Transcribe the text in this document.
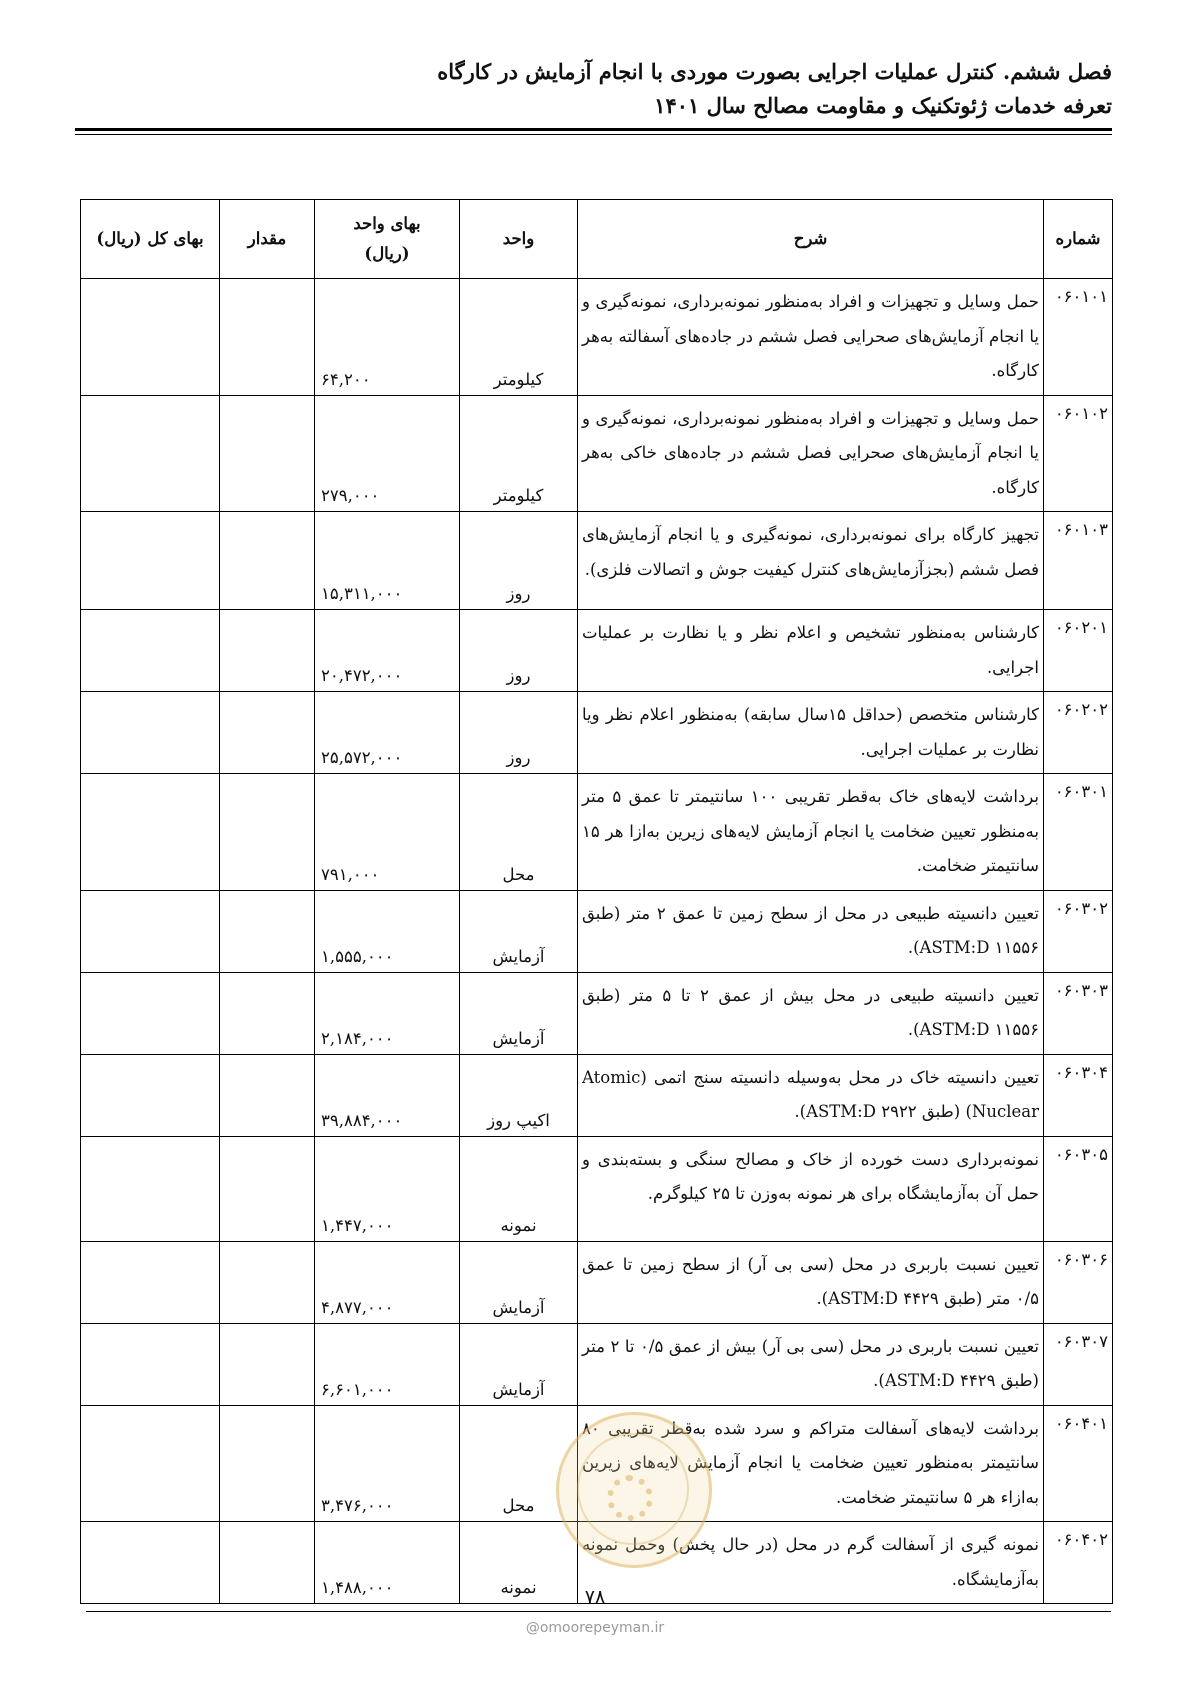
فصل ششم. کنترل عملیات اجرایی بصورت موردی با انجام آزمایش در کارگاه
تعرفه خدمات ژئوتکنیک و مقاومت مصالح سال ۱۴۰۱
شماره	شرح	واحد	بهای واحد (ریال)	مقدار	بهای کل (ریال)
۰۶۰۱۰۱	حمل وسایل و تجهیزات و افراد به‌منظور نمونه‌برداری، نمونه‌گیری و یا انجام آزمایش‌های صحرایی فصل ششم در جاده‌های آسفالته به‌هر کارگاه.	کیلومتر	۶۴,۲۰۰		
۰۶۰۱۰۲	حمل وسایل و تجهیزات و افراد به‌منظور نمونه‌برداری، نمونه‌گیری و یا انجام آزمایش‌های صحرایی فصل ششم در جاده‌های خاکی به‌هر کارگاه.	کیلومتر	۲۷۹,۰۰۰		
۰۶۰۱۰۳	تجهیز کارگاه برای نمونه‌برداری، نمونه‌گیری و یا انجام آزمایش‌های فصل ششم (بجزآزمایش‌های کنترل کیفیت جوش و اتصالات فلزی).	روز	۱۵,۳۱۱,۰۰۰		
۰۶۰۲۰۱	کارشناس به‌منظور تشخیص و اعلام نظر و یا نظارت بر عملیات اجرایی.	روز	۲۰,۴۷۲,۰۰۰		
۰۶۰۲۰۲	کارشناس متخصص (حداقل ۱۵سال سابقه) به‌منظور اعلام نظر ویا نظارت بر عملیات اجرایی.	روز	۲۵,۵۷۲,۰۰۰		
۰۶۰۳۰۱	برداشت لایه‌های خاک به‌قطر تقریبی ۱۰۰ سانتیمتر تا عمق ۵ متر به‌منظور تعیین ضخامت یا انجام آزمایش لایه‌های زیرین به‌ازا هر ۱۵ سانتیمتر ضخامت.	محل	۷۹۱,۰۰۰		
۰۶۰۳۰۲	تعیین دانسیته طبیعی در محل از سطح زمین تا عمق ۲ متر (طبق ASTM:D ۱۱۵۵۶).	آزمایش	۱,۵۵۵,۰۰۰		
۰۶۰۳۰۳	تعیین دانسیته طبیعی در محل بیش از عمق ۲ تا ۵ متر (طبق ASTM:D ۱۱۵۵۶).	آزمایش	۲,۱۸۴,۰۰۰		
۰۶۰۳۰۴	تعیین دانسیته خاک در محل به‌وسیله دانسیته سنج اتمی (Atomic Nuclear) (طبق ASTM:D ۲۹۲۲).	اکیپ روز	۳۹,۸۸۴,۰۰۰		
۰۶۰۳۰۵	نمونه‌برداری دست خورده از خاک و مصالح سنگی و بسته‌بندی و حمل آن به‌آزمایشگاه برای هر نمونه به‌وزن تا ۲۵ کیلوگرم.	نمونه	۱,۴۴۷,۰۰۰		
۰۶۰۳۰۶	تعیین نسبت باربری در محل (سی بی آر) از سطح زمین تا عمق ۰/۵ متر (طبق ASTM:D ۴۴۲۹).	آزمایش	۴,۸۷۷,۰۰۰		
۰۶۰۳۰۷	تعیین نسبت باربری در محل (سی بی آر) بیش از عمق ۰/۵ تا ۲ متر (طبق ASTM:D ۴۴۲۹).	آزمایش	۶,۶۰۱,۰۰۰		
۰۶۰۴۰۱	برداشت لایه‌های آسفالت متراکم و سرد شده به‌قطر تقریبی ۸۰ سانتیمتر به‌منظور تعیین ضخامت یا انجام آزمایش لایه‌های زیرین به‌ازاء هر ۵ سانتیمتر ضخامت.	محل	۳,۴۷۶,۰۰۰		
۰۶۰۴۰۲	نمونه گیری از آسفالت گرم در محل (در حال پخش) وحمل نمونه به‌آزمایشگاه.	نمونه	۱,۴۸۸,۰۰۰			۷۸
@omoorepeyman.ir
